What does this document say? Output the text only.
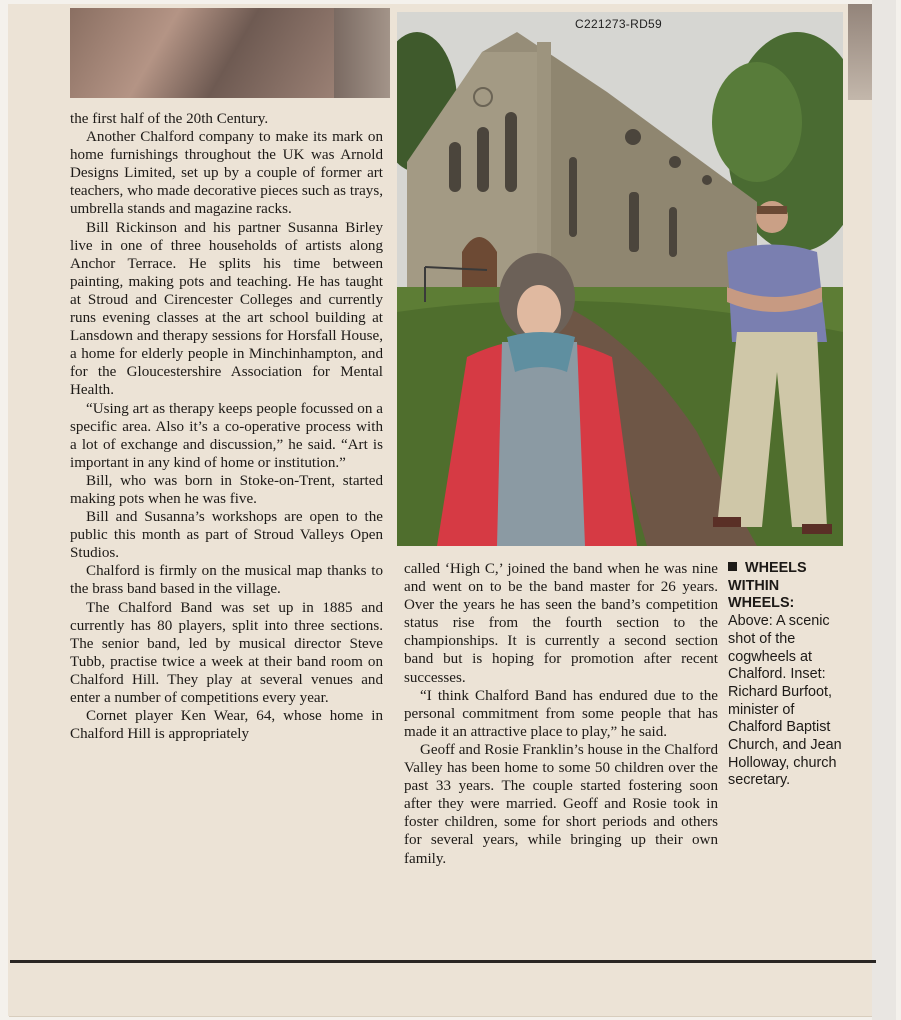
C221273-RD59

the first half of the 20th Century.

Another Chalford company to make its mark on home furnishings throughout the UK was Arnold Designs Limited, set up by a couple of former art teachers, who made decorative pieces such as trays, umbrella stands and magazine racks.

Bill Rickinson and his partner Susanna Birley live in one of three households of artists along Anchor Terrace. He splits his time between painting, making pots and teaching. He has taught at Stroud and Cirencester Colleges and currently runs evening classes at the art school building at Lansdown and therapy sessions for Horsfall House, a home for elderly people in Minchinhampton, and for the Gloucestershire Association for Mental Health.

“Using art as therapy keeps people focussed on a specific area. Also it’s a co-operative process with a lot of exchange and discussion,” he said. “Art is important in any kind of home or institution.”

Bill, who was born in Stoke-on-Trent, started making pots when he was five.

Bill and Susanna’s workshops are open to the public this month as part of Stroud Valleys Open Studios.

Chalford is firmly on the musical map thanks to the brass band based in the village.

The Chalford Band was set up in 1885 and currently has 80 players, split into three sections. The senior band, led by musical director Steve Tubb, practise twice a week at their band room on Chalford Hill. They play at several venues and enter a number of competitions every year.

Cornet player Ken Wear, 64, whose home in Chalford Hill is appropriately

called ‘High C,’ joined the band when he was nine and went on to be the band master for 26 years. Over the years he has seen the band’s competition status rise from the fourth section to the championships. It is currently a second section band but is hoping for promotion after recent successes.

“I think Chalford Band has endured due to the personal commitment from some people that has made it an attractive place to play,” he said.

Geoff and Rosie Franklin’s house in the Chalford Valley has been home to some 50 children over the past 33 years. The couple started fostering soon after they were married. Geoff and Rosie took in foster children, some for short periods and others for several years, while bringing up their own family.

WHEELS WITHIN WHEELS:
Above: A scenic shot of the cogwheels at Chalford. Inset: Richard Burfoot, minister of Chalford Baptist Church, and Jean Holloway, church secretary.
